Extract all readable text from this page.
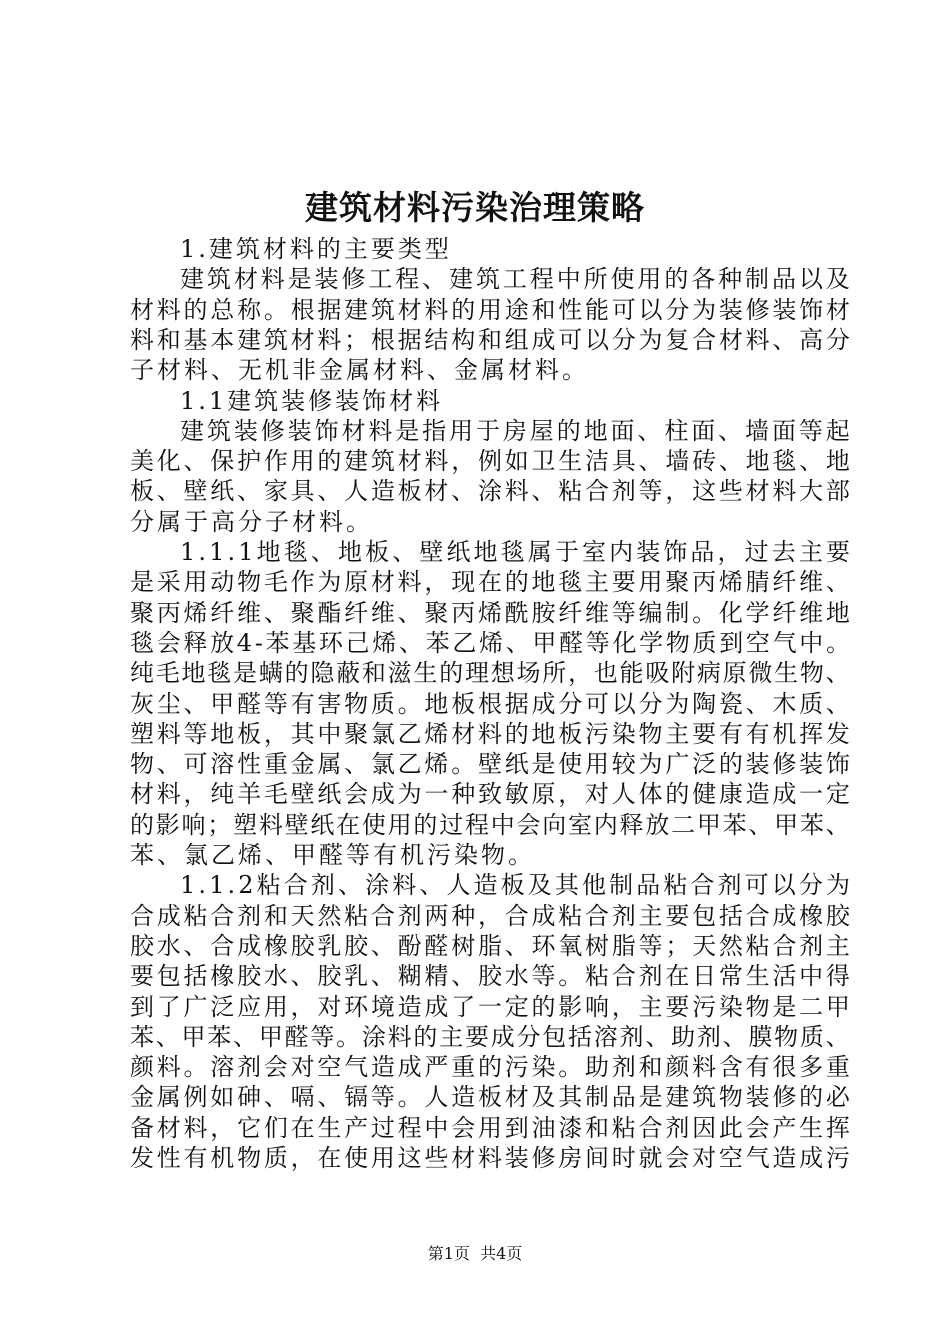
建筑材料污染治理策略
1.建筑材料的主要类型
建 筑 材 料 是 装 修 工 程 、 建 筑 工 程 中 所 使 用 的 各 种 制 品 以 及
材 料 的 总 称 。 根 据 建 筑 材 料 的 用 途 和 性 能 可 以 分 为 装 修 装 饰 材
料 和 基 本 建 筑 材 料 ； 根 据 结 构 和 组 成 可 以 分 为 复 合 材 料 、 高 分
子材料、无机非金属材料、金属材料。
1.1建筑装修装饰材料
建 筑 装 修 装 饰 材 料 是 指 用 于 房 屋 的 地 面 、 柱 面 、 墙 面 等 起
美 化 、 保 护 作 用 的 建 筑 材 料 ， 例 如 卫 生 洁 具 、 墙 砖 、 地 毯 、 地
板 、 壁 纸 、 家 具 、 人 造 板 材 、 涂 料 、 粘 合 剂 等 ， 这 些 材 料 大 部
分属于高分子材料。
1 . 1 . 1 地 毯 、 地 板 、 壁 纸 地 毯 属 于 室 内 装 饰 品 ， 过 去 主 要
是 采 用 动 物 毛 作 为 原 材 料 ， 现 在 的 地 毯 主 要 用 聚 丙 烯 腈 纤 维 、
聚 丙 烯 纤 维 、 聚 酯 纤 维 、 聚 丙 烯 酰 胺 纤 维 等 编 制 。 化 学 纤 维 地
毯 会 释 放 4 - 苯 基 环 己 烯 、 苯 乙 烯 、 甲 醛 等 化 学 物 质 到 空 气 中 。
纯 毛 地 毯 是 螨 的 隐 蔽 和 滋 生 的 理 想 场 所 ， 也 能 吸 附 病 原 微 生 物 、
灰 尘 、 甲 醛 等 有 害 物 质 。 地 板 根 据 成 分 可 以 分 为 陶 瓷 、 木 质 、
塑 料 等 地 板 ， 其 中 聚 氯 乙 烯 材 料 的 地 板 污 染 物 主 要 有 有 机 挥 发
物 、 可 溶 性 重 金 属 、 氯 乙 烯 。 壁 纸 是 使 用 较 为 广 泛 的 装 修 装 饰
材 料 ， 纯 羊 毛 壁 纸 会 成 为 一 种 致 敏 原 ， 对 人 体 的 健 康 造 成 一 定
的 影 响 ； 塑 料 壁 纸 在 使 用 的 过 程 中 会 向 室 内 释 放 二 甲 苯 、 甲 苯 、
苯、氯乙烯、甲醛等有机污染物。
1 . 1 . 2 粘 合 剂 、 涂 料 、 人 造 板 及 其 他 制 品 粘 合 剂 可 以 分 为
合 成 粘 合 剂 和 天 然 粘 合 剂 两 种 ， 合 成 粘 合 剂 主 要 包 括 合 成 橡 胶
胶 水 、 合 成 橡 胶 乳 胶 、 酚 醛 树 脂 、 环 氧 树 脂 等 ； 天 然 粘 合 剂 主
要 包 括 橡 胶 水 、 胶 乳 、 糊 精 、 胶 水 等 。 粘 合 剂 在 日 常 生 活 中 得
到 了 广 泛 应 用 ， 对 环 境 造 成 了 一 定 的 影 响 ， 主 要 污 染 物 是 二 甲
苯 、 甲 苯 、 甲 醛 等 。 涂 料 的 主 要 成 分 包 括 溶 剂 、 助 剂 、 膜 物 质 、
颜 料 。 溶 剂 会 对 空 气 造 成 严 重 的 污 染 。 助 剂 和 颜 料 含 有 很 多 重
金 属 例 如 砷 、 嗝 、 镉 等 。 人 造 板 材 及 其 制 品 是 建 筑 物 装 修 的 必
备 材 料 ， 它 们 在 生 产 过 程 中 会 用 到 油 漆 和 粘 合 剂 因 此 会 产 生 挥
发 性 有 机 物 质 ， 在 使 用 这 些 材 料 装 修 房 间 时 就 会 对 空 气 造 成 污
第1页  共4页
